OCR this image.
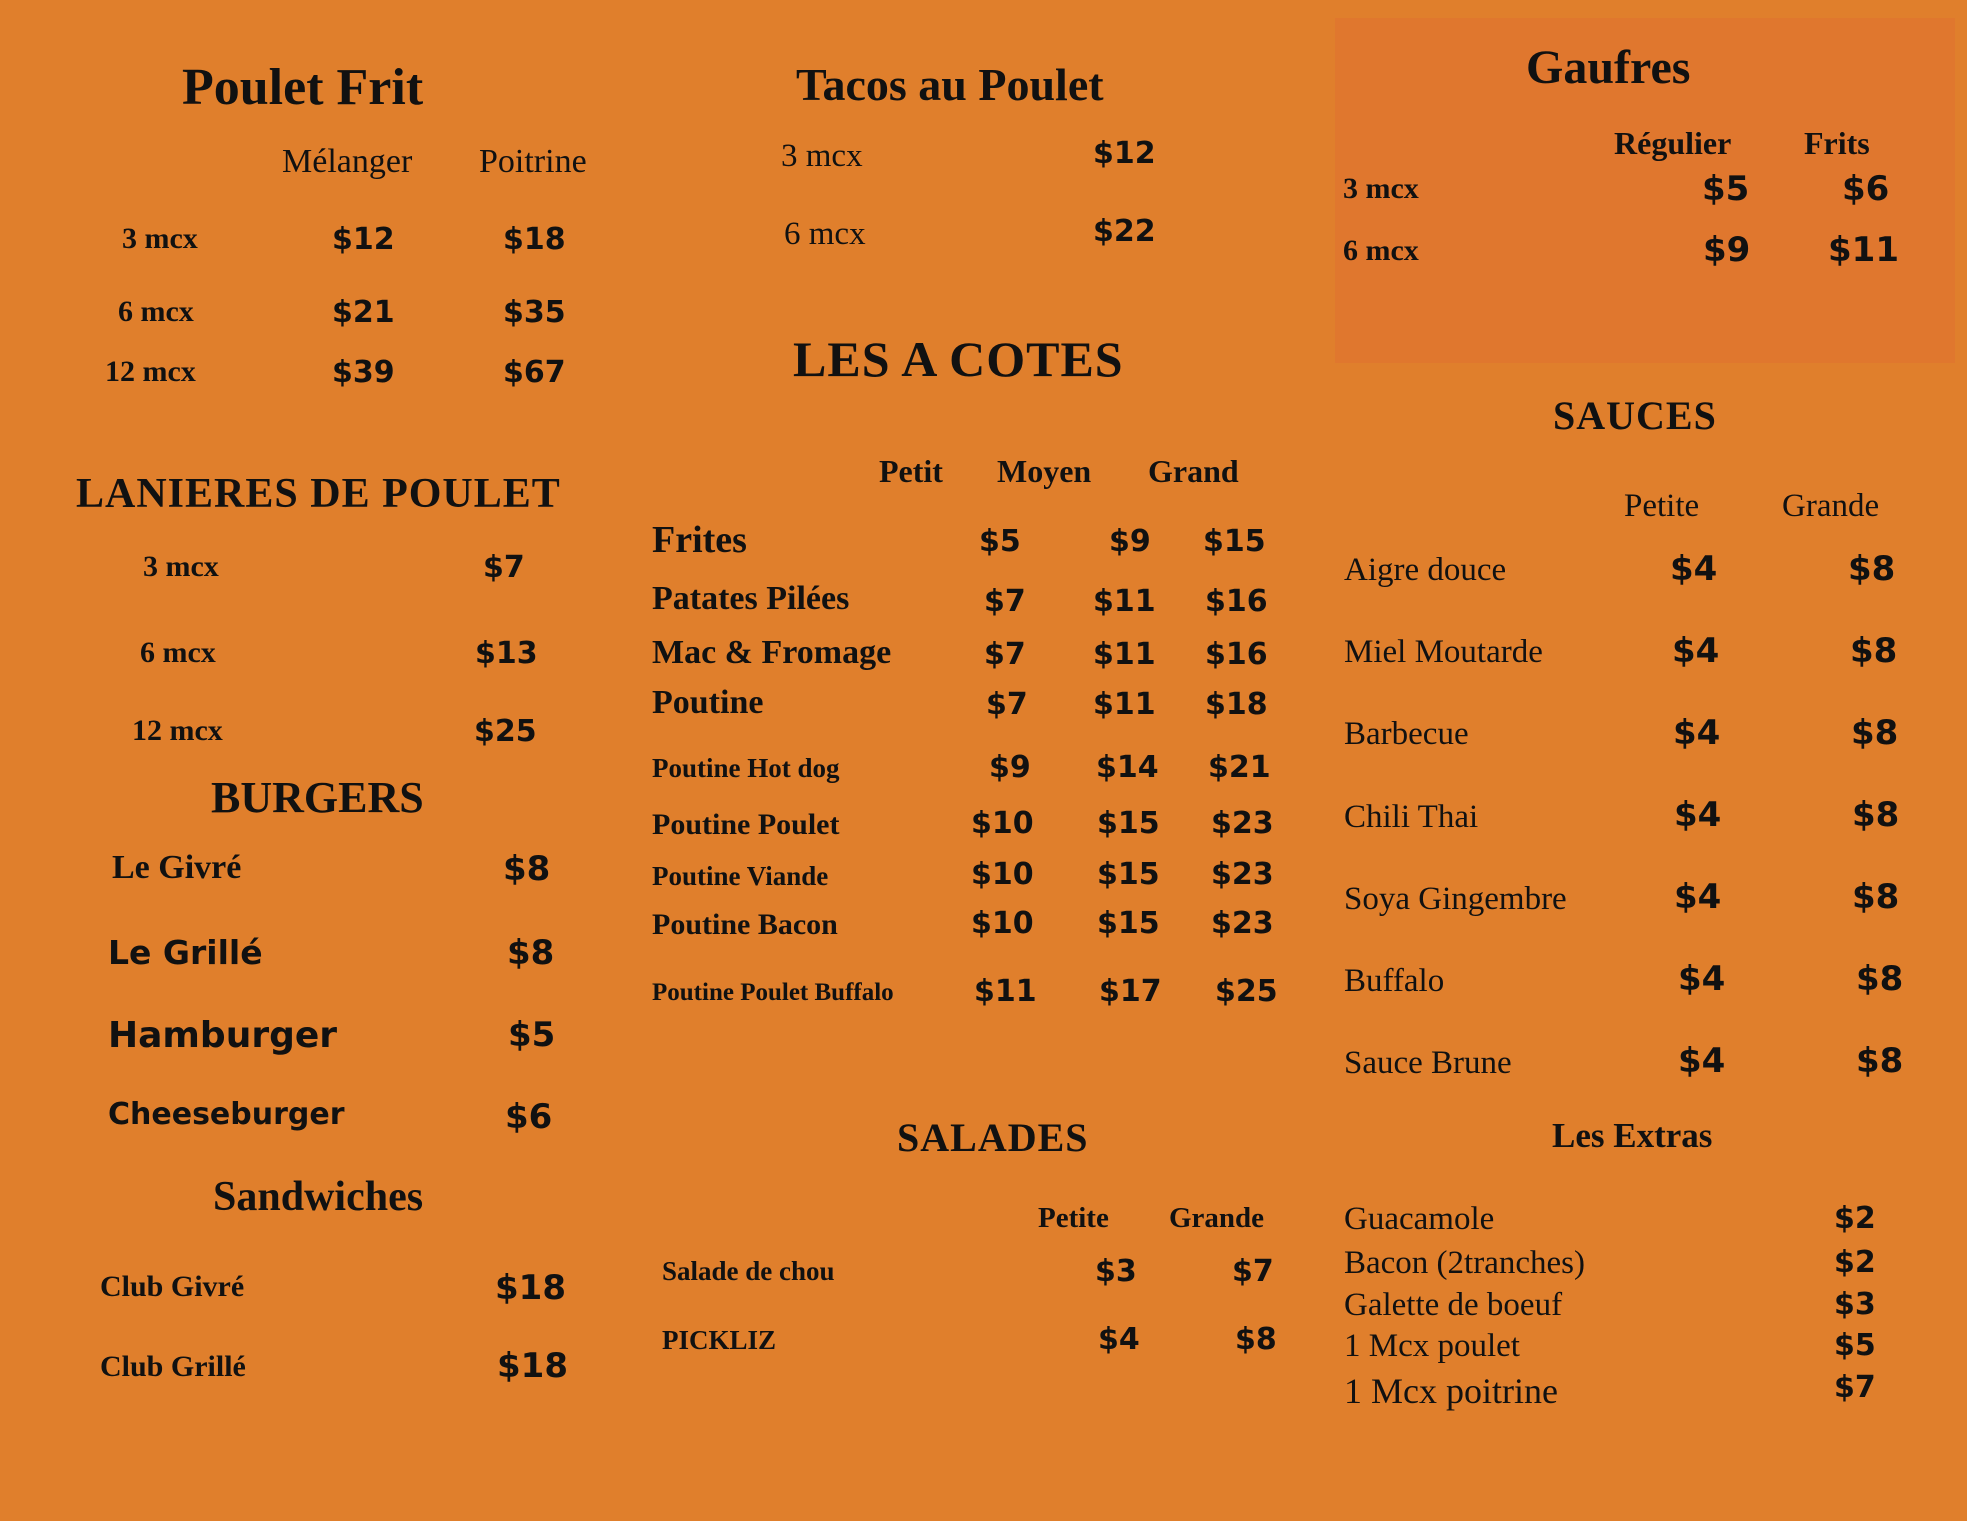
Poulet Frit
Mélanger Poitrine
3 mcx	$12	$18
6 mcx	$21	$35
12 mcx	$39	$67
LANIERES DE POULET
3 mcx	$7
6 mcx	$13
12 mcx	$25
BURGERS
Le Givré	$8
Le Grillé	$8
Hamburger	$5
Cheeseburger	$6
Sandwiches
Club Givré	$18
Club Grillé	$18
Tacos au Poulet
3 mcx	$12
6 mcx	$22
LES A COTES
Petit Moyen Grand
Frites	$5	$9 $15
Patates Pilées	$7 $11 $16
Mac & Fromage	$7 $11 $16
Poutine	$7 $11 $18
Poutine Hot dog	$9 $14 $21
Poutine Poulet	$10 $15 $23
Poutine Viande	$10 $15 $23
Poutine Bacon	$10 $15 $23
Poutine Poulet Buffalo	$11 $17 $25
SALADES
Petite Grande
Salade de chou	$3	$7
PICKLIZ	$4	$8
Gaufres
Régulier Frits
3 mcx	$5	$6
6 mcx	$9 $11
SAUCES
Petite	Grande
Aigre douce	$4	$8
Miel Moutarde	$4	$8
Barbecue	$4	$8
Chili Thai	$4	$8
Soya Gingembre	$4	$8
Buffalo	$4	$8
Sauce Brune	$4	$8
Les Extras
Guacamole	$2
Bacon (2tranches)	$2
Galette de boeuf	$3
1 Mcx poulet	$5
1 Mcx poitrine	$7
